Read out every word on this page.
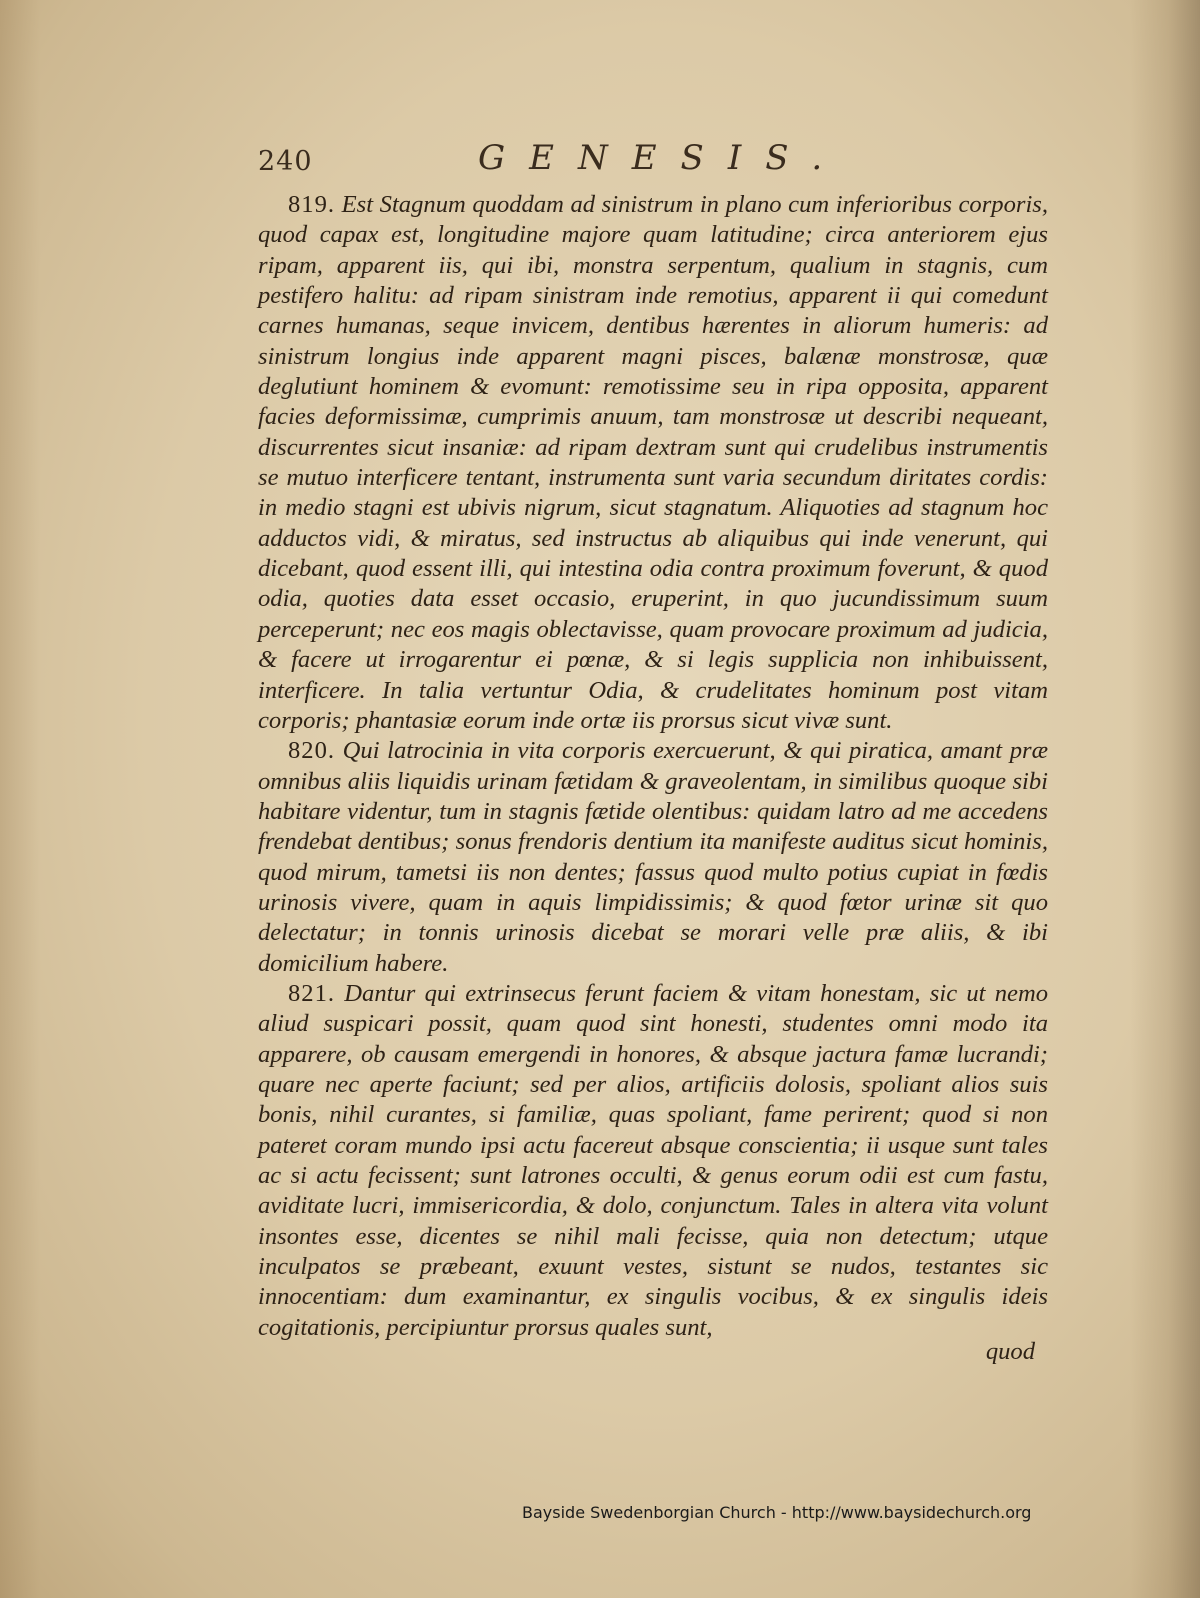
240	GENESIS.

819. Est Stagnum quoddam ad sinistrum in plano cum inferioribus corporis, quod capax est, longitudine majore quam latitudine; circa anteriorem ejus ripam, apparent iis, qui ibi, monstra serpentum, qualium in stagnis, cum pestifero halitu: ad ripam sinistram inde remotius, apparent ii qui comedunt carnes humanas, seque invicem, dentibus hærentes in aliorum humeris: ad sinistrum longius inde apparent magni pisces, balænæ monstrosæ, quæ deglutiunt hominem & evomunt: remotissime seu in ripa opposita, apparent facies deformissimæ, cumprimis anuum, tam monstrosæ ut describi nequeant, discurrentes sicut insaniæ: ad ripam dextram sunt qui crudelibus instrumentis se mutuo interficere tentant, instrumenta sunt varia secundum diritates cordis: in medio stagni est ubivis nigrum, sicut stagnatum. Aliquoties ad stagnum hoc adductos vidi, & miratus, sed instructus ab aliquibus qui inde venerunt, qui dicebant, quod essent illi, qui intestina odia contra proximum foverunt, & quod odia, quoties data esset occasio, eruperint, in quo jucundissimum suum perceperunt; nec eos magis oblectavisse, quam provocare proximum ad judicia, & facere ut irrogarentur ei pœnæ, & si legis supplicia non inhibuissent, interficere. In talia vertuntur Odia, & crudelitates hominum post vitam corporis; phantasiæ eorum inde ortæ iis prorsus sicut vivæ sunt.

820. Qui latrocinia in vita corporis exercuerunt, & qui piratica, amant præ omnibus aliis liquidis urinam fætidam & graveolentam, in similibus quoque sibi habitare videntur, tum in stagnis fætide olentibus: quidam latro ad me accedens frendebat dentibus; sonus frendoris dentium ita manifeste auditus sicut hominis, quod mirum, tametsi iis non dentes; fassus quod multo potius cupiat in fœdis urinosis vivere, quam in aquis limpidissimis; & quod fœtor urinæ sit quo delectatur; in tonnis urinosis dicebat se morari velle præ aliis, & ibi domicilium habere.

821. Dantur qui extrinsecus ferunt faciem & vitam honestam, sic ut nemo aliud suspicari possit, quam quod sint honesti, studentes omni modo ita apparere, ob causam emergendi in honores, & absque jactura famæ lucrandi; quare nec aperte faciunt; sed per alios, artificiis dolosis, spoliant alios suis bonis, nihil curantes, si familiæ, quas spoliant, fame perirent; quod si non pateret coram mundo ipsi actu facereut absque conscientia; ii usque sunt tales ac si actu fecissent; sunt latrones occulti, & genus eorum odii est cum fastu, aviditate lucri, immisericordia, & dolo, conjunctum. Tales in altera vita volunt insontes esse, dicentes se nihil mali fecisse, quia non detectum; utque inculpatos se præbeant, exuunt vestes, sistunt se nudos, testantes sic innocentiam: dum examinantur, ex singulis vocibus, & ex singulis ideis cogitationis, percipiuntur prorsus quales sunt,

quod
Bayside Swedenborgian Church - http://www.baysidechurch.org
